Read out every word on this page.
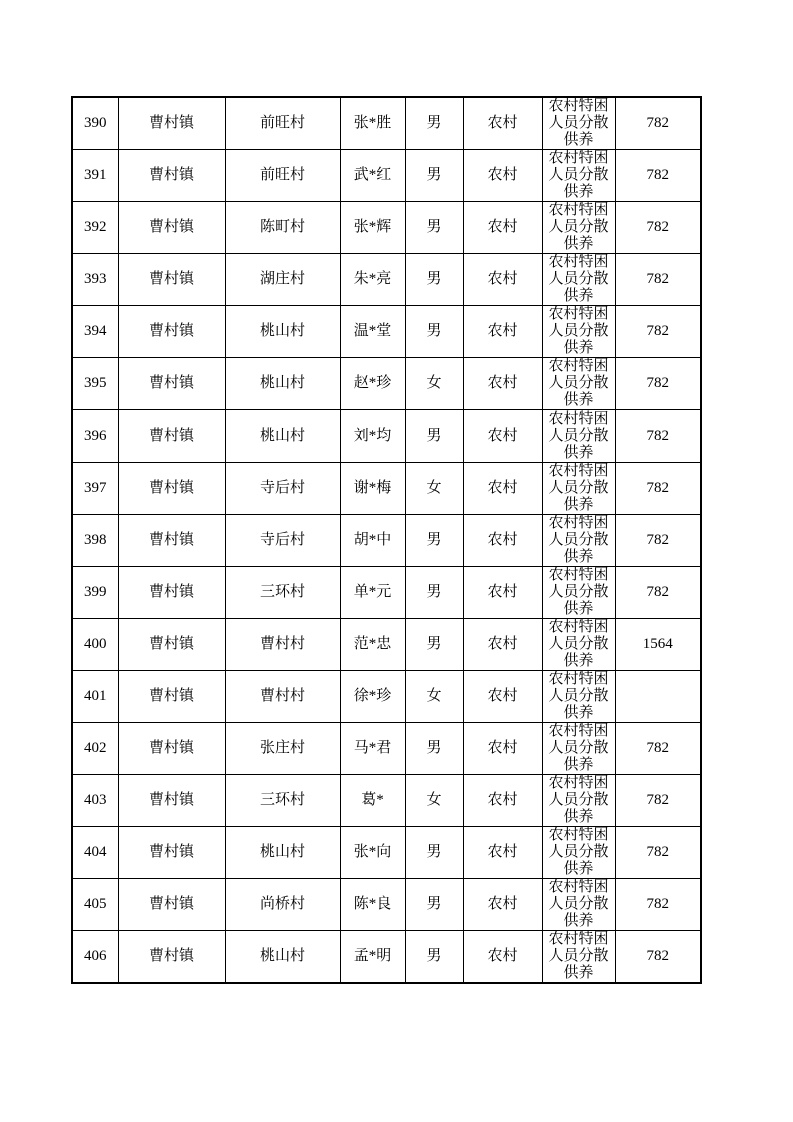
390	曹村镇	前旺村	张*胜	男	农村	农村特困人员分散供养	782
391	曹村镇	前旺村	武*红	男	农村	农村特困人员分散供养	782
392	曹村镇	陈町村	张*辉	男	农村	农村特困人员分散供养	782
393	曹村镇	湖庄村	朱*亮	男	农村	农村特困人员分散供养	782
394	曹村镇	桃山村	温*堂	男	农村	农村特困人员分散供养	782
395	曹村镇	桃山村	赵*珍	女	农村	农村特困人员分散供养	782
396	曹村镇	桃山村	刘*均	男	农村	农村特困人员分散供养	782
397	曹村镇	寺后村	谢*梅	女	农村	农村特困人员分散供养	782
398	曹村镇	寺后村	胡*中	男	农村	农村特困人员分散供养	782
399	曹村镇	三环村	单*元	男	农村	农村特困人员分散供养	782
400	曹村镇	曹村村	范*忠	男	农村	农村特困人员分散供养	1564
401	曹村镇	曹村村	徐*珍	女	农村	农村特困人员分散供养	

402	曹村镇	张庄村	马*君	男	农村	农村特困人员分散供养	782
403	曹村镇	三环村	葛*	女	农村	农村特困人员分散供养	782
404	曹村镇	桃山村	张*向	男	农村	农村特困人员分散供养	782
405	曹村镇	尚桥村	陈*良	男	农村	农村特困人员分散供养	782
406	曹村镇	桃山村	孟*明	男	农村	农村特困人员分散供养	782
